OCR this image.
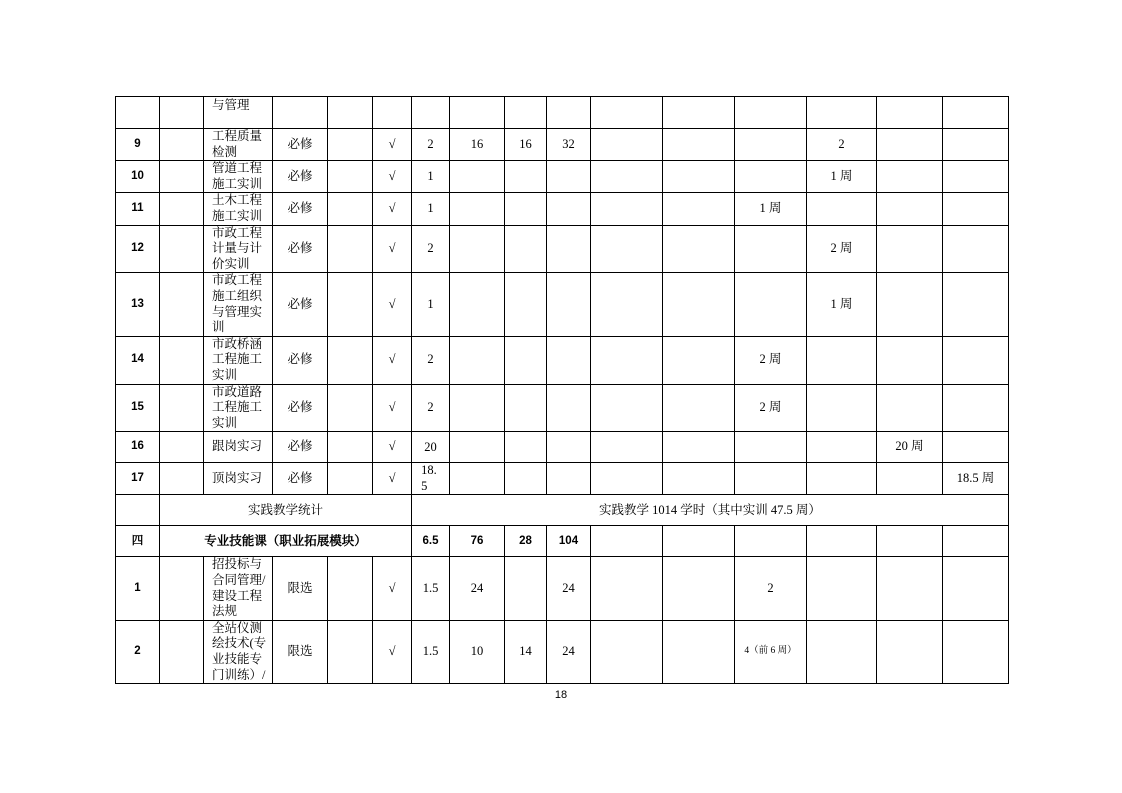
		与管理													
9		工程质量
检测	必修		√	2	16	16	32				2		
10		管道工程
施工实训	必修		√	1							1 周		
11		土木工程
施工实训	必修		√	1						1 周			
12		市政工程
计量与计
价实训	必修		√	2							2 周		
13		市政工程
施工组织
与管理实
训	必修		√	1							1 周		
14		市政桥涵
工程施工
实训	必修		√	2						2 周			
15		市政道路
工程施工
实训	必修		√	2						2 周			
16		跟岗实习	必修		√	20								20 周	
17		顶岗实习	必修		√	18.5									18.5 周
	实践教学统计					实践教学 1014 学时（其中实训 47.5 周）									
四	专业技能课（职业拓展模块）					6.5	76	28	104						
1		招投标与
合同管理/
建设工程
法规	限选		√	1.5	24		24			2			
2		全站仪测
绘技术(专
业技能专
门训练）/	限选		√	1.5	10	14	24			4（前 6 周）			
18
